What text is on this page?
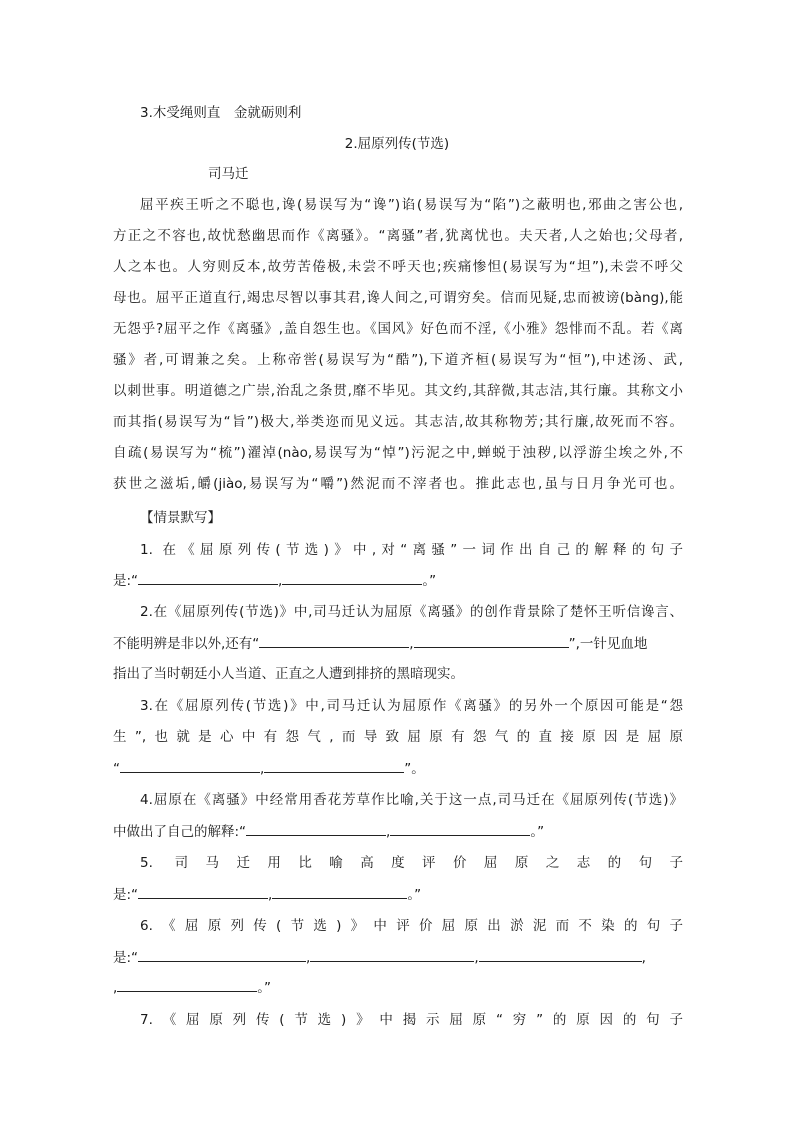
3.木受绳则直　金就砺则利
2.屈原列传(节选)
司马迁
屈平疾王听之不聪也,谗(易误写为“谗”)谄(易误写为“陷”)之蔽明也,邪曲之害公也,
方正之不容也,故忧愁幽思而作《离骚》。“离骚”者,犹离忧也。夫天者,人之始也;父母者,
人之本也。人穷则反本,故劳苦倦极,未尝不呼天也;疾痛惨怛(易误写为“坦”),未尝不呼父
母也。屈平正道直行,竭忠尽智以事其君,谗人间之,可谓穷矣。信而见疑,忠而被谤(bàng),能
无怨乎?屈平之作《离骚》,盖自怨生也。《国风》好色而不淫,《小雅》怨悱而不乱。若《离
骚》者,可谓兼之矣。上称帝喾(易误写为“酷”),下道齐桓(易误写为“恒”),中述汤、武,
以刺世事。明道德之广崇,治乱之条贯,靡不毕见。其文约,其辞微,其志洁,其行廉。其称文小
而其指(易误写为“旨”)极大,举类迩而见义远。其志洁,故其称物芳;其行廉,故死而不容。
自疏(易误写为“梳”)濯淖(nào,易误写为“悼”)污泥之中,蝉蜕于浊秽,以浮游尘埃之外,不
获世之滋垢,皭(jiào,易误写为“嚼”)然泥而不滓者也。推此志也,虽与日月争光可也。
【情景默写】
1. 在《屈原列传(节选)》中,对“离骚”一词作出自己的解释的句子
是:“	,	。”
2.在《屈原列传(节选)》中,司马迁认为屈原《离骚》的创作背景除了楚怀王听信谗言、
不能明辨是非以外,还有“	,	”,一针见血地
指出了当时朝廷小人当道、正直之人遭到排挤的黑暗现实。
3.在《屈原列传(节选)》中,司马迁认为屈原作《离骚》的另外一个原因可能是“怨
生”,也就是心中有怨气,而导致屈原有怨气的直接原因是屈原
“	,	”。
4.屈原在《离骚》中经常用香花芳草作比喻,关于这一点,司马迁在《屈原列传(节选)》
中做出了自己的解释:“	,	。”
5. 司马迁用比喻高度评价屈原之志的句子
是:“	,	。”
6.《屈原列传(节选)》中评价屈原出淤泥而不染的句子
是:“	,	,	,
,	。”
7.《屈原列传(节选)》中揭示屈原“穷”的原因的句子
